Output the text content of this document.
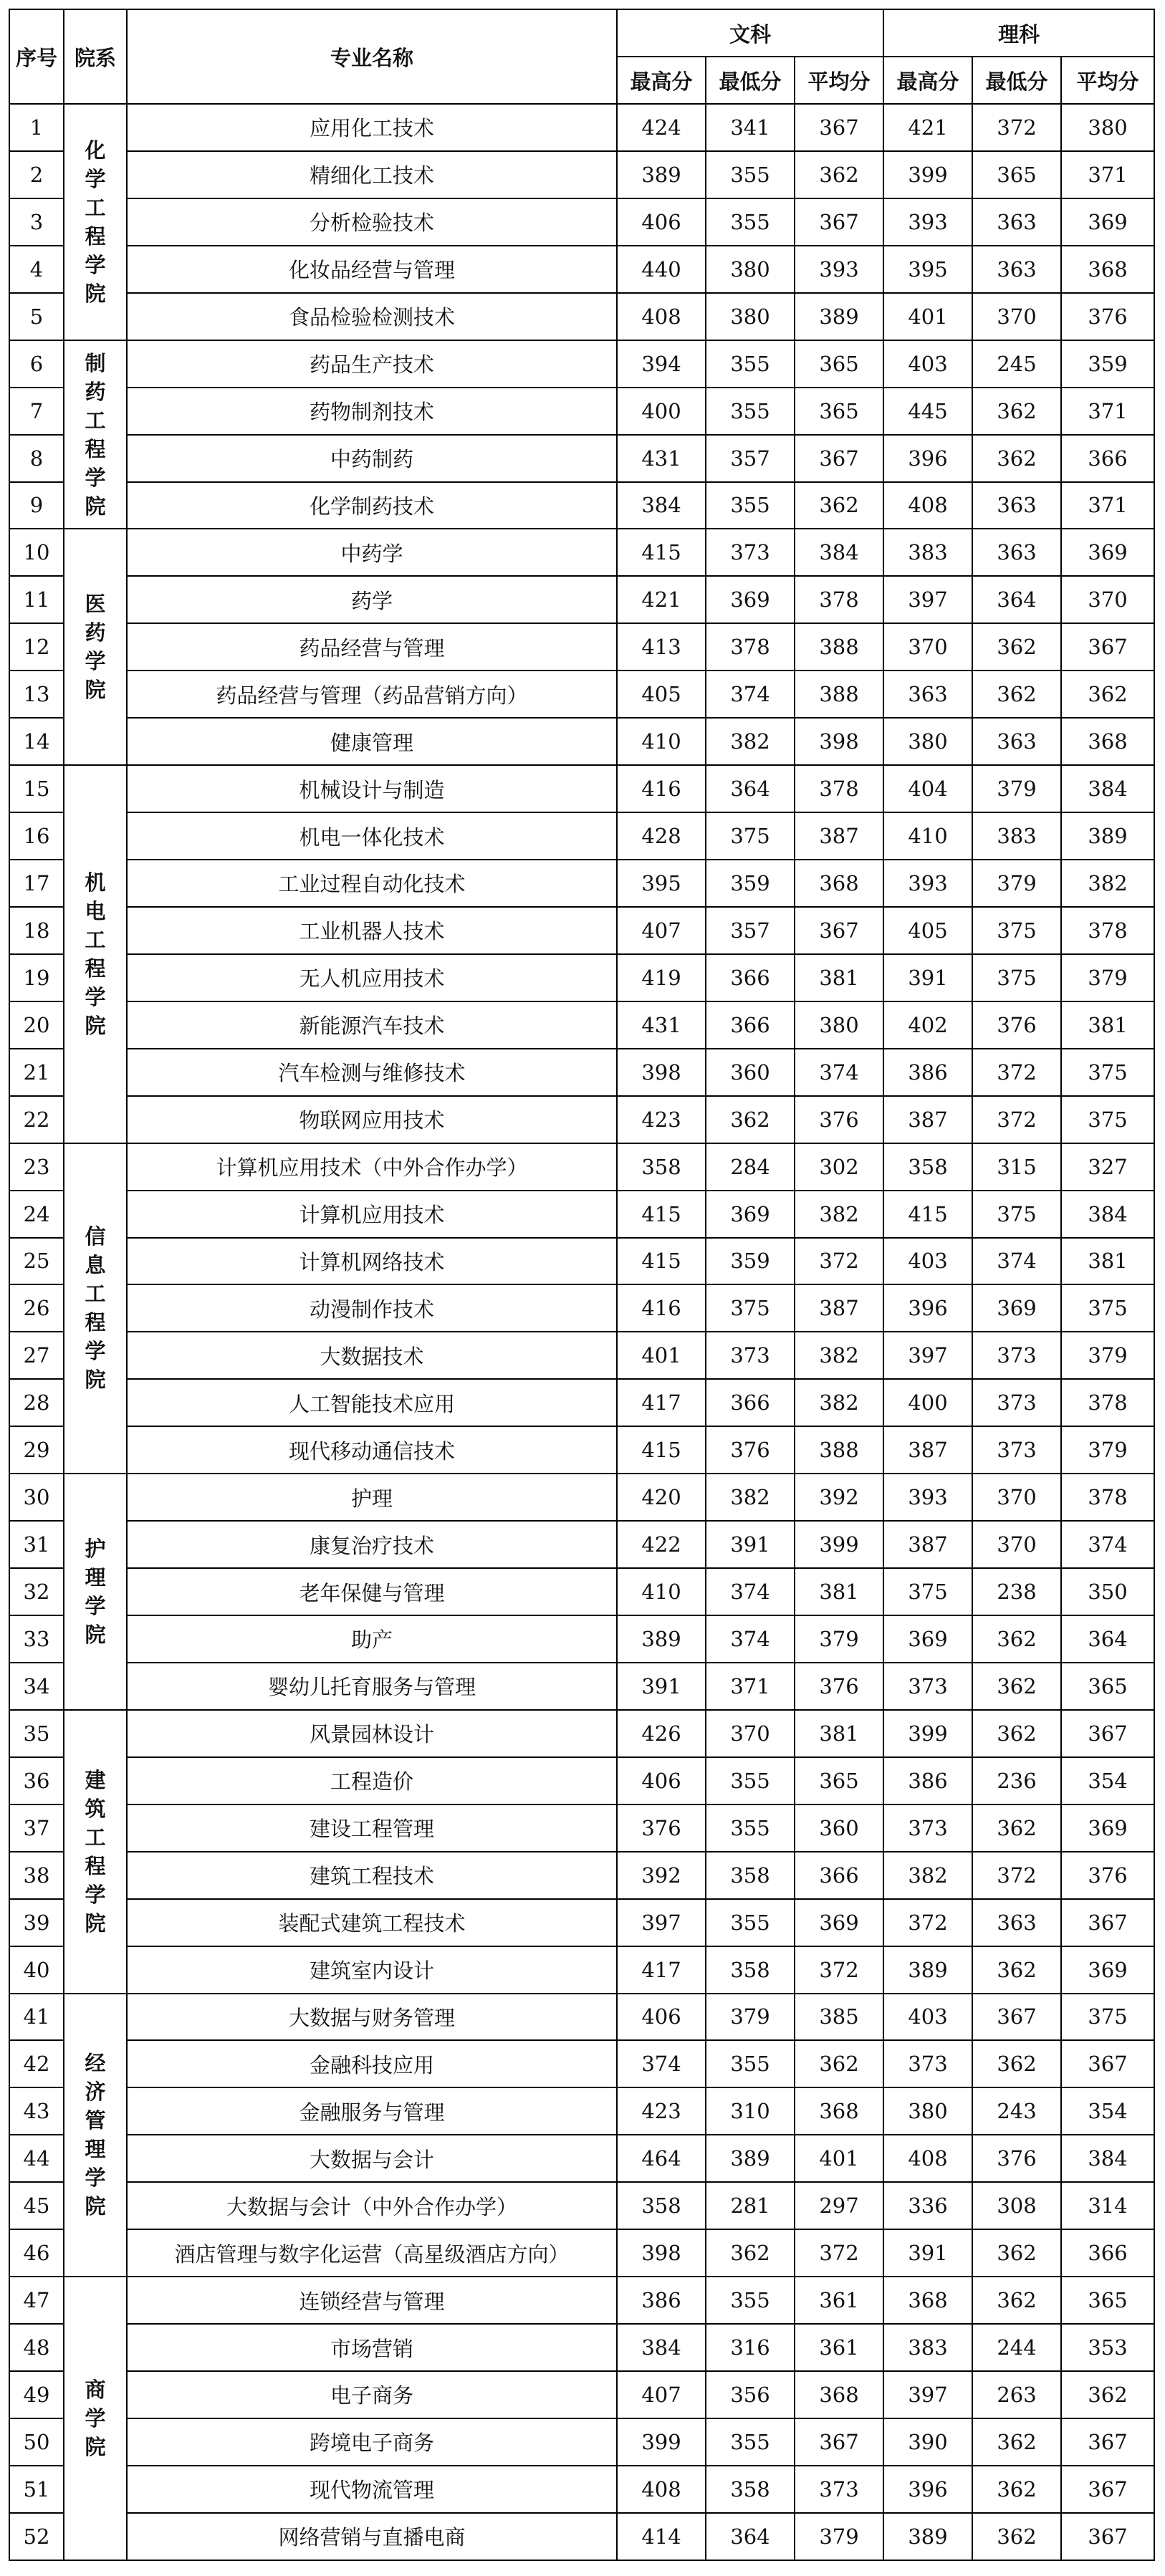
序号	院系	专业名称	文科			理科		
			最高分	最低分	平均分	最高分	最低分	平均分
1	化学工程学院	应用化工技术	424	341	367	421	372	380
2		精细化工技术	389	355	362	399	365	371
3		分析检验技术	406	355	367	393	363	369
4		化妆品经营与管理	440	380	393	395	363	368
5		食品检验检测技术	408	380	389	401	370	376
6	制药工程学院	药品生产技术	394	355	365	403	245	359
7		药物制剂技术	400	355	365	445	362	371
8		中药制药	431	357	367	396	362	366
9		化学制药技术	384	355	362	408	363	371
10	医药学院	中药学	415	373	384	383	363	369
11		药学	421	369	378	397	364	370
12		药品经营与管理	413	378	388	370	362	367
13		药品经营与管理（药品营销方向）	405	374	388	363	362	362
14		健康管理	410	382	398	380	363	368
15	机电工程学院	机械设计与制造	416	364	378	404	379	384
16		机电一体化技术	428	375	387	410	383	389
17		工业过程自动化技术	395	359	368	393	379	382
18		工业机器人技术	407	357	367	405	375	378
19		无人机应用技术	419	366	381	391	375	379
20		新能源汽车技术	431	366	380	402	376	381
21		汽车检测与维修技术	398	360	374	386	372	375
22		物联网应用技术	423	362	376	387	372	375
23	信息工程学院	计算机应用技术（中外合作办学）	358	284	302	358	315	327
24		计算机应用技术	415	369	382	415	375	384
25		计算机网络技术	415	359	372	403	374	381
26		动漫制作技术	416	375	387	396	369	375
27		大数据技术	401	373	382	397	373	379
28		人工智能技术应用	417	366	382	400	373	378
29		现代移动通信技术	415	376	388	387	373	379
30	护理学院	护理	420	382	392	393	370	378
31		康复治疗技术	422	391	399	387	370	374
32		老年保健与管理	410	374	381	375	238	350
33		助产	389	374	379	369	362	364
34		婴幼儿托育服务与管理	391	371	376	373	362	365
35	建筑工程学院	风景园林设计	426	370	381	399	362	367
36		工程造价	406	355	365	386	236	354
37		建设工程管理	376	355	360	373	362	369
38		建筑工程技术	392	358	366	382	372	376
39		装配式建筑工程技术	397	355	369	372	363	367
40		建筑室内设计	417	358	372	389	362	369
41	经济管理学院	大数据与财务管理	406	379	385	403	367	375
42		金融科技应用	374	355	362	373	362	367
43		金融服务与管理	423	310	368	380	243	354
44		大数据与会计	464	389	401	408	376	384
45		大数据与会计（中外合作办学）	358	281	297	336	308	314
46		酒店管理与数字化运营（高星级酒店方向）	398	362	372	391	362	366
47	商学院	连锁经营与管理	386	355	361	368	362	365
48		市场营销	384	316	361	383	244	353
49		电子商务	407	356	368	397	263	362
50		跨境电子商务	399	355	367	390	362	367
51		现代物流管理	408	358	373	396	362	367
52		网络营销与直播电商	414	364	379	389	362	367
